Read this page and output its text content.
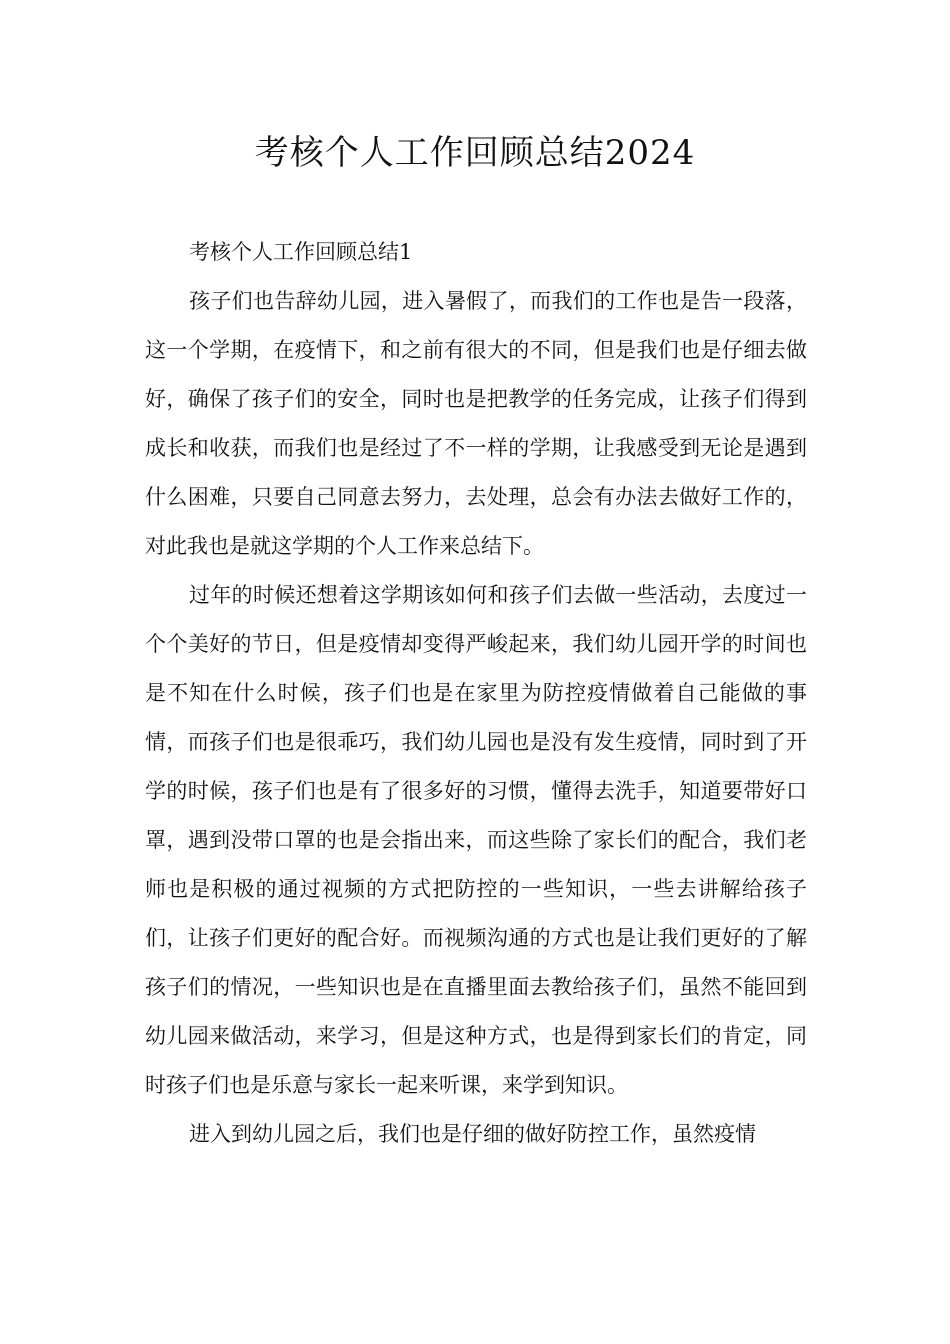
考核个人工作回顾总结2024

考核个人工作回顾总结1

孩子们也告辞幼儿园，进入暑假了，而我们的工作也是告一段落，这一个学期，在疫情下，和之前有很大的不同，但是我们也是仔细去做好，确保了孩子们的安全，同时也是把教学的任务完成，让孩子们得到成长和收获，而我们也是经过了不一样的学期，让我感受到无论是遇到什么困难，只要自己同意去努力，去处理，总会有办法去做好工作的，对此我也是就这学期的个人工作来总结下。

过年的时候还想着这学期该如何和孩子们去做一些活动，去度过一个个美好的节日，但是疫情却变得严峻起来，我们幼儿园开学的时间也是不知在什么时候，孩子们也是在家里为防控疫情做着自己能做的事情，而孩子们也是很乖巧，我们幼儿园也是没有发生疫情，同时到了开学的时候，孩子们也是有了很多好的习惯，懂得去洗手，知道要带好口罩，遇到没带口罩的也是会指出来，而这些除了家长们的配合，我们老师也是积极的通过视频的方式把防控的一些知识，一些去讲解给孩子们，让孩子们更好的配合好。而视频沟通的方式也是让我们更好的了解孩子们的情况，一些知识也是在直播里面去教给孩子们，虽然不能回到幼儿园来做活动，来学习，但是这种方式，也是得到家长们的肯定，同时孩子们也是乐意与家长一起来听课，来学到知识。

进入到幼儿园之后，我们也是仔细的做好防控工作，虽然疫情
